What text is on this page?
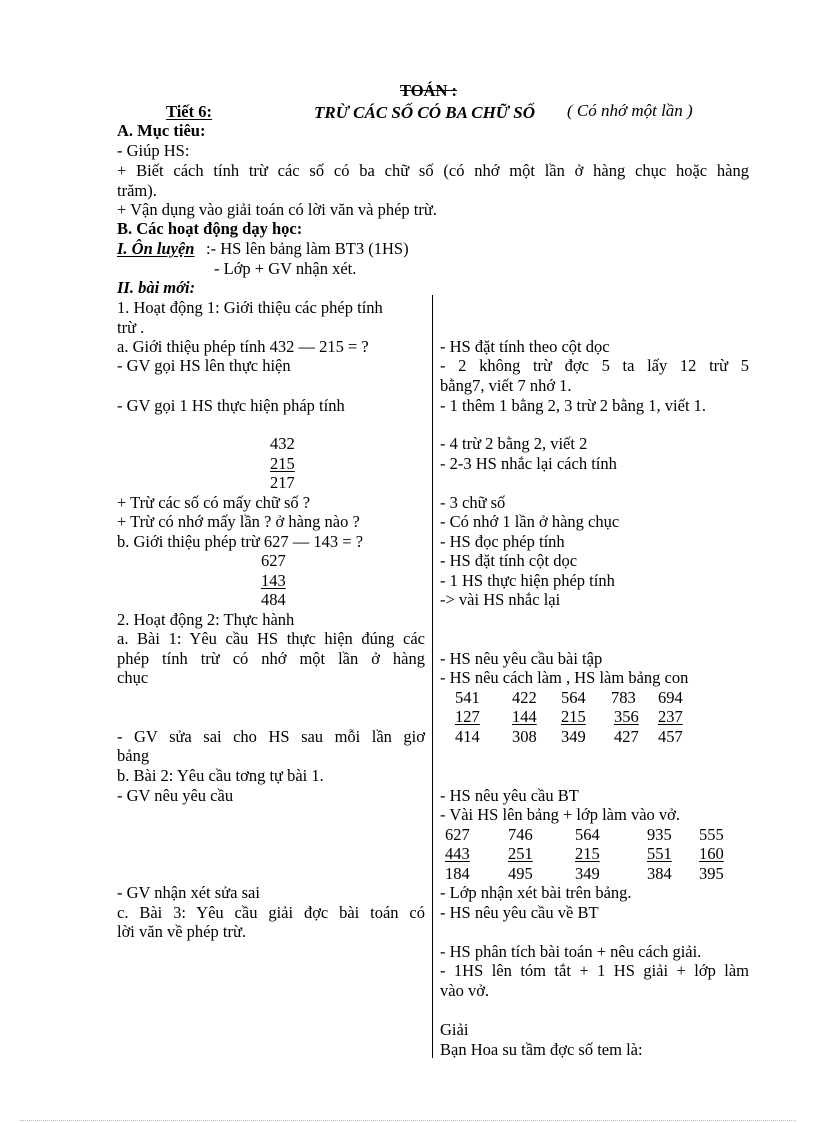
TOÁN :
Tiết 6:	TRỪ CÁC SỐ CÓ BA CHỮ SỐ ( Có nhớ một lần )
A. Mục tiêu:
- Giúp HS:
+ Biết cách tính trừ các số có ba chữ số (có nhớ một lần ở hàng chục hoặc hàng
trăm).
+ Vận dụng vào giải toán có lời văn và phép trừ.
B. Các hoạt động dạy học:
I. Ôn luyện :- HS lên bảng làm BT3 (1HS)
- Lớp + GV nhận xét.
II. bài mới:
1. Hoạt động 1: Giới thiệu các phép tính
trừ .
a. Giới thiệu phép tính 432 — 215 = ?
- GV gọi HS lên thực hiện
- GV gọi 1 HS thực hiện pháp tính
432
215
217
+ Trừ các số có mấy chữ số ?
+ Trừ có nhớ mấy lần ? ở hàng nào ?
b. Giới thiệu phép trừ 627 — 143 = ?
627
143
484
2. Hoạt động 2: Thực hành
a. Bài 1: Yêu cầu HS thực hiện đúng các
phép tính trừ có nhớ một lần ở hàng
chục
- GV sửa sai cho HS sau mỗi lần giơ
bảng
b. Bài 2: Yêu cầu tơng tự bài 1.
- GV nêu yêu cầu
- GV nhận xét sửa sai
c. Bài 3: Yêu cầu giải đợc bài toán có
lời văn về phép trừ.
- HS đặt tính theo cột dọc
- 2 không trừ đợc 5 ta lấy 12 trừ 5
bằng7, viết 7 nhớ 1.
- 1 thêm 1 bằng 2, 3 trừ 2 bằng 1, viết 1.
- 4 trừ 2 bằng 2, viết 2
- 2-3 HS nhắc lại cách tính
- 3 chữ số
- Có nhớ 1 lần ở hàng chục
- HS đọc phép tính
- HS đặt tính cột dọc
- 1 HS thực hiện phép tính
-> vài HS nhắc lại
- HS nêu yêu cầu bài tập
- HS nêu cách làm , HS làm bảng con
541
127
414
422
144
308
564
215
349
783
356
427
694
237
457
- HS nêu yêu cầu BT
- Vài HS lên bảng + lớp làm vào vở.
627
443
184
746
251
495
564
215
349
935
551
384
555
160
395
- Lớp nhận xét bài trên bảng.
- HS nêu yêu cầu về BT
- HS phân tích bài toán + nêu cách giải.
- 1HS lên tóm tắt + 1 HS giải + lớp làm
vào vở.
Giải
Bạn Hoa su tầm đợc số tem là:
